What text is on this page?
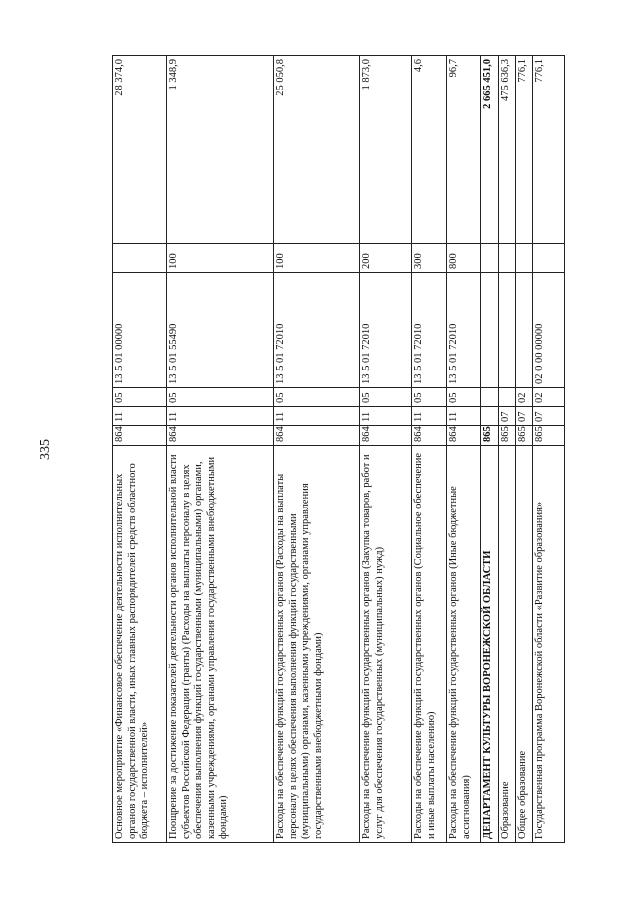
335
Основное мероприятие «Финансовое обеспечение деятельности исполнительных органов государственной власти, иных главных распорядителей средств областного бюджета – исполнителей»	864	11	05	13 5 01 00000		28 374,0
Поощрение за достижение показателей деятельности органов исполнительной власти субъектов Российской Федерации (гранты) (Расходы на выплаты персоналу в целях обеспечения выполнения функций государственными (муниципальными) органами, казенными учреждениями, органами управления государственными внебюджетными фондами)	864	11	05	13 5 01 55490	100	1 348,9
Расходы на обеспечение функций государственных органов (Расходы на выплаты персоналу в целях обеспечения выполнения функций государственными (муниципальными) органами, казенными учреждениями, органами управления государственными внебюджетными фондами)	864	11	05	13 5 01 72010	100	25 050,8
Расходы на обеспечение функций государственных органов (Закупка товаров, работ и услуг для обеспечения государственных (муниципальных) нужд)	864	11	05	13 5 01 72010	200	1 873,0
Расходы на обеспечение функций государственных органов (Социальное обеспечение и иные выплаты населению)	864	11	05	13 5 01 72010	300	4,6
Расходы на обеспечение функций государственных органов (Иные бюджетные ассигнования)	864	11	05	13 5 01 72010	800	96,7
ДЕПАРТАМЕНТ КУЛЬТУРЫ ВОРОНЕЖСКОЙ ОБЛАСТИ	865					2 665 451,0
Образование	865	07				475 636,3
Общее образование	865	07	02			776,1
Государственная программа Воронежской области «Развитие образования»	865	07	02	02 0 00 00000		776,1
